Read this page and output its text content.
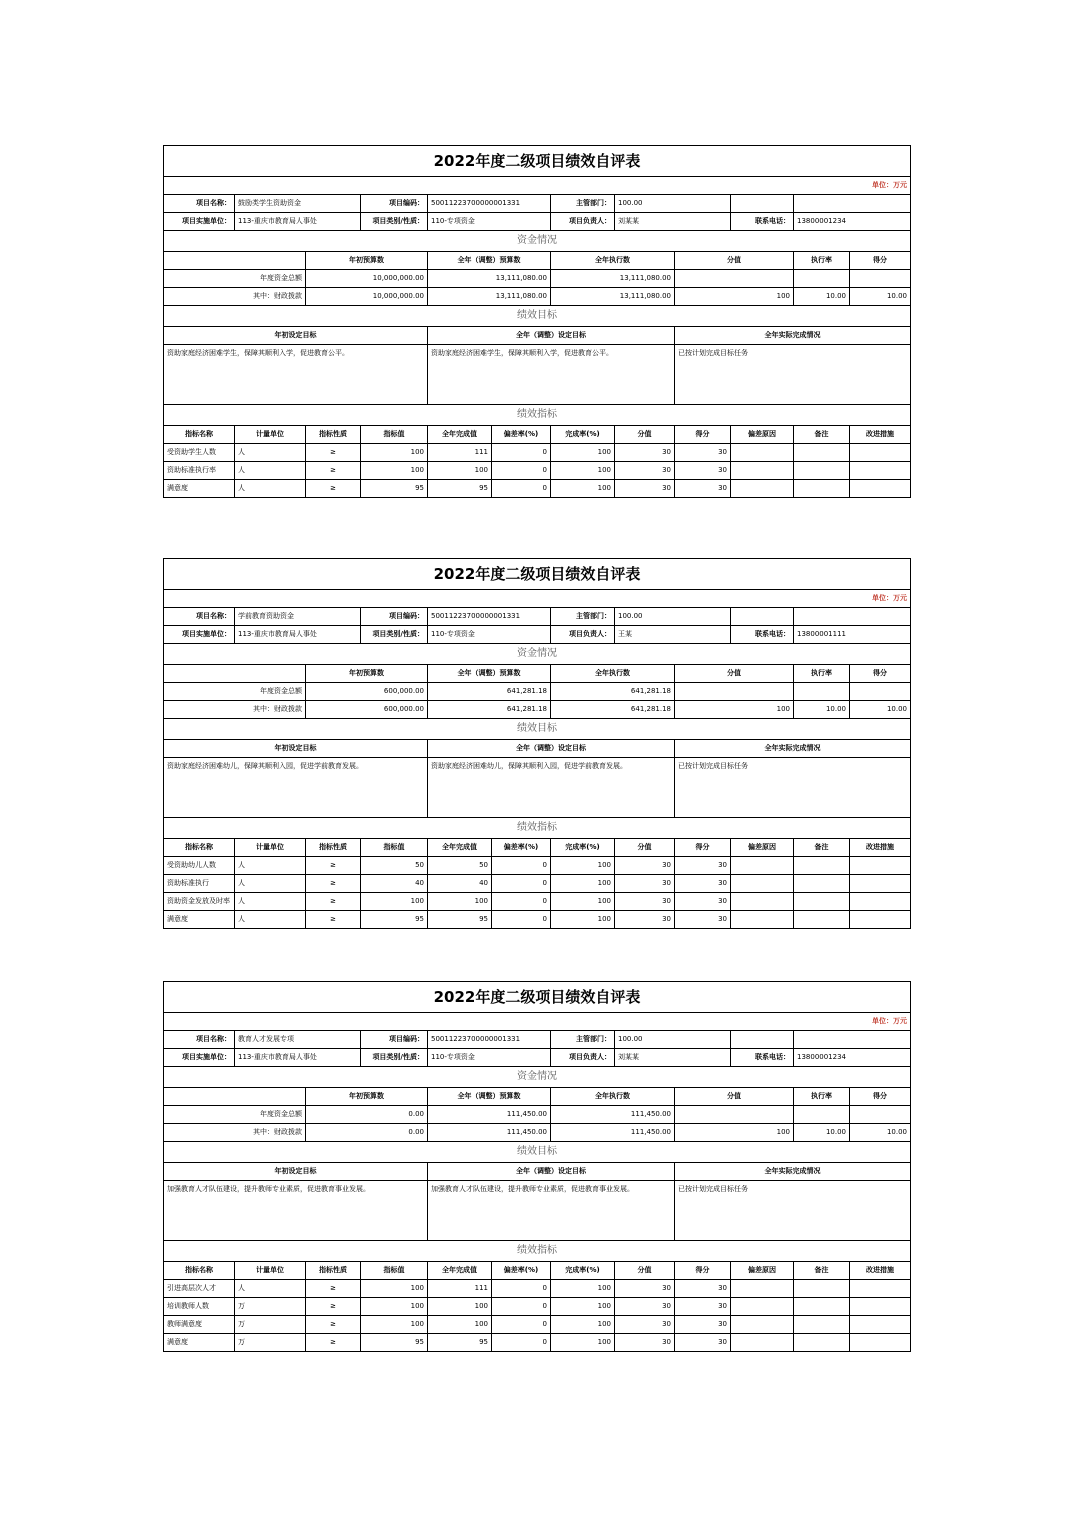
2022年度二级项目绩效自评表											
单位：万元											
项目名称：	鼓励类学生资助资金		项目编码：	50011223700000001331		主管部门：	100.00				
项目实施单位：	113-重庆市教育局人事处		项目类别/性质：	110-专项资金		项目负责人：	刘某某		联系电话：	13800001234	
资金情况											
		年初预算数		全年（调整）预算数		全年执行数		分值		执行率	得分
年度资金总额		10,000,000.00		13,111,080.00		13,111,080.00					
其中：财政拨款		10,000,000.00		13,111,080.00		13,111,080.00		100		10.00	10.00
绩效目标											
年初设定目标				全年（调整）设定目标				全年实际完成情况			
资助家庭经济困难学生，保障其顺利入学，促进教育公平。				资助家庭经济困难学生，保障其顺利入学，促进教育公平。				已按计划完成目标任务			
绩效指标											
指标名称	计量单位	指标性质	指标值	全年完成值	偏差率(%)	完成率(%)	分值	得分	偏差原因	备注	改进措施
受资助学生人数	人	≥	100	111	0	100	30	30			
资助标准执行率	人	≥	100	100	0	100	30	30			
满意度	人	≥	95	95	0	100	30	30			
2022年度二级项目绩效自评表											
单位：万元											
项目名称：	学前教育资助资金		项目编码：	50011223700000001331		主管部门：	100.00				
项目实施单位：	113-重庆市教育局人事处		项目类别/性质：	110-专项资金		项目负责人：	王某		联系电话：	13800001111	
资金情况											
		年初预算数		全年（调整）预算数		全年执行数		分值		执行率	得分
年度资金总额		600,000.00		641,281.18		641,281.18					
其中：财政拨款		600,000.00		641,281.18		641,281.18		100		10.00	10.00
绩效目标											
年初设定目标				全年（调整）设定目标				全年实际完成情况			
资助家庭经济困难幼儿，保障其顺利入园，促进学前教育发展。				资助家庭经济困难幼儿，保障其顺利入园，促进学前教育发展。				已按计划完成目标任务			
绩效指标											
指标名称	计量单位	指标性质	指标值	全年完成值	偏差率(%)	完成率(%)	分值	得分	偏差原因	备注	改进措施
受资助幼儿人数	人	≥	50	50	0	100	30	30			
资助标准执行	人	≥	40	40	0	100	30	30			
资助资金发放及时率	人	≥	100	100	0	100	30	30			
满意度	人	≥	95	95	0	100	30	30			
2022年度二级项目绩效自评表											
单位：万元											
项目名称：	教育人才发展专项		项目编码：	50011223700000001331		主管部门：	100.00				
项目实施单位：	113-重庆市教育局人事处		项目类别/性质：	110-专项资金		项目负责人：	刘某某		联系电话：	13800001234	
资金情况											
		年初预算数		全年（调整）预算数		全年执行数		分值		执行率	得分
年度资金总额		0.00		111,450.00		111,450.00					
其中：财政拨款		0.00		111,450.00		111,450.00		100		10.00	10.00
绩效目标											
年初设定目标				全年（调整）设定目标				全年实际完成情况			
加强教育人才队伍建设，提升教师专业素质，促进教育事业发展。				加强教育人才队伍建设，提升教师专业素质，促进教育事业发展。				已按计划完成目标任务			
绩效指标											
指标名称	计量单位	指标性质	指标值	全年完成值	偏差率(%)	完成率(%)	分值	得分	偏差原因	备注	改进措施
引进高层次人才	人	≥	100	111	0	100	30	30			
培训教师人数	万	≥	100	100	0	100	30	30			
教师满意度	万	≥	100	100	0	100	30	30			
满意度	万	≥	95	95	0	100	30	30			
